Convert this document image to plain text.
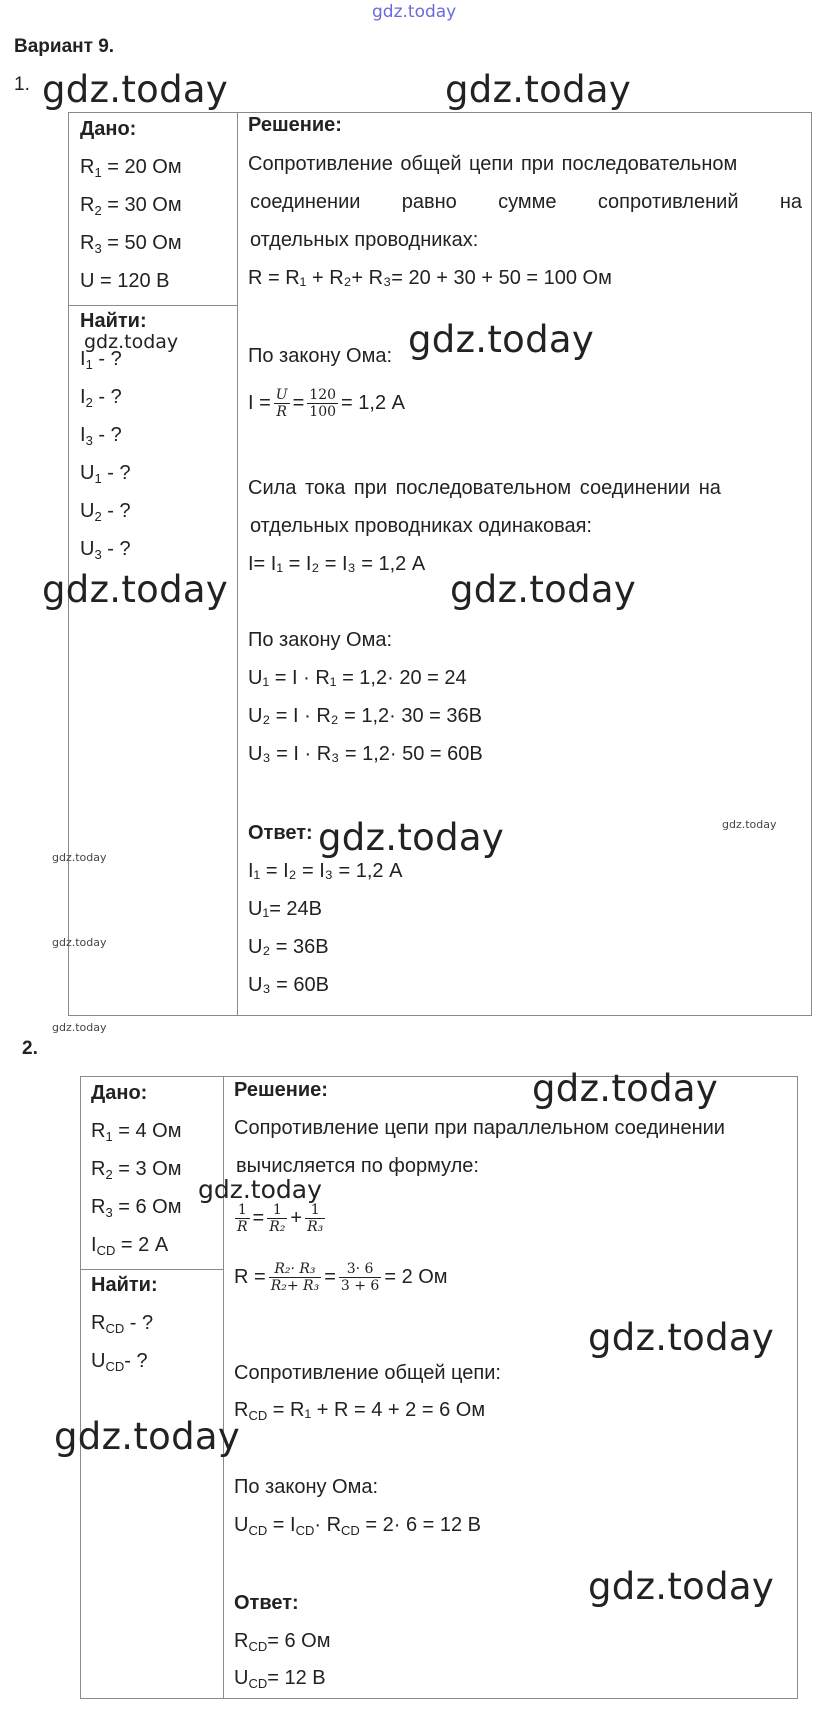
gdz.today
Вариант 9.
1.
Дано:
$R_1 = 20$ Ом
$R_2 = 30$ Ом
$R_3 = 50$ Ом
U = 120 В
Найти:
$I_1$ - ?
$I_2$ - ?
$I_3$ - ?
$U_1$ - ?
$U_2$ - ?
$U_3$ - ?
Решение:
Сопротивление общей цепи при последовательном
соединении равно сумме сопротивлений на
отдельных проводниках:
R = R₁ + R₂+ R₃= 20 + 30 + 50 = 100 Ом
По закону Ома:
$I = \frac{U}{R} = \frac{120}{100} = 1,2$ А
Сила тока при последовательном соединении на
отдельных проводниках одинаковая:
I= I₁ = I₂ = I₃ = 1,2 А
По закону Ома:
U₁ = I · R₁ = 1,2· 20 = 24
U₂ = I · R₂ = 1,2· 30 = 36В
U₃ = I · R₃ = 1,2· 50 = 60В
Ответ:
I₁ = I₂ = I₃ = 1,2 А
U₁= 24В
U₂ = 36В
U₃ = 60В
2.
Дано:
$R_1 = 4$ Ом
$R_2 = 3$ Ом
$R_3 = 6$ Ом
$I_{CD} = 2$ А
Найти:
$R_{CD}$ - ?
$U_{CD}-$ ?
Решение:
Сопротивление цепи при параллельном соединении
вычисляется по формуле:
$\frac{1}{R} = \frac{1}{\text{R₂}} + \frac{1}{\text{R₃}}$
$R = \frac{\text{R₂· R₃}}{\text{R₂+ R₃}} = \frac{3\cdot 6}{3 + 6} = 2$ Ом
Сопротивление общей цепи:
$R_{CD} = R_1 + R = 4 + 2 = 6$ Ом
По закону Ома:
$U_{CD} = I_{CD}\cdot R_{CD} = 2\cdot 6 = 12$ В
Ответ:
$R_{CD}= 6$ Ом
$U_{CD}= 12$ В
gdz.today	gdz.today
gdz.today	gdz.today
gdz.today	gdz.today
gdz.today
gdz.today
gdz.today
gdz.today
gdz.today
gdz.today
gdz.today
gdz.today
gdz.today
gdz.today
